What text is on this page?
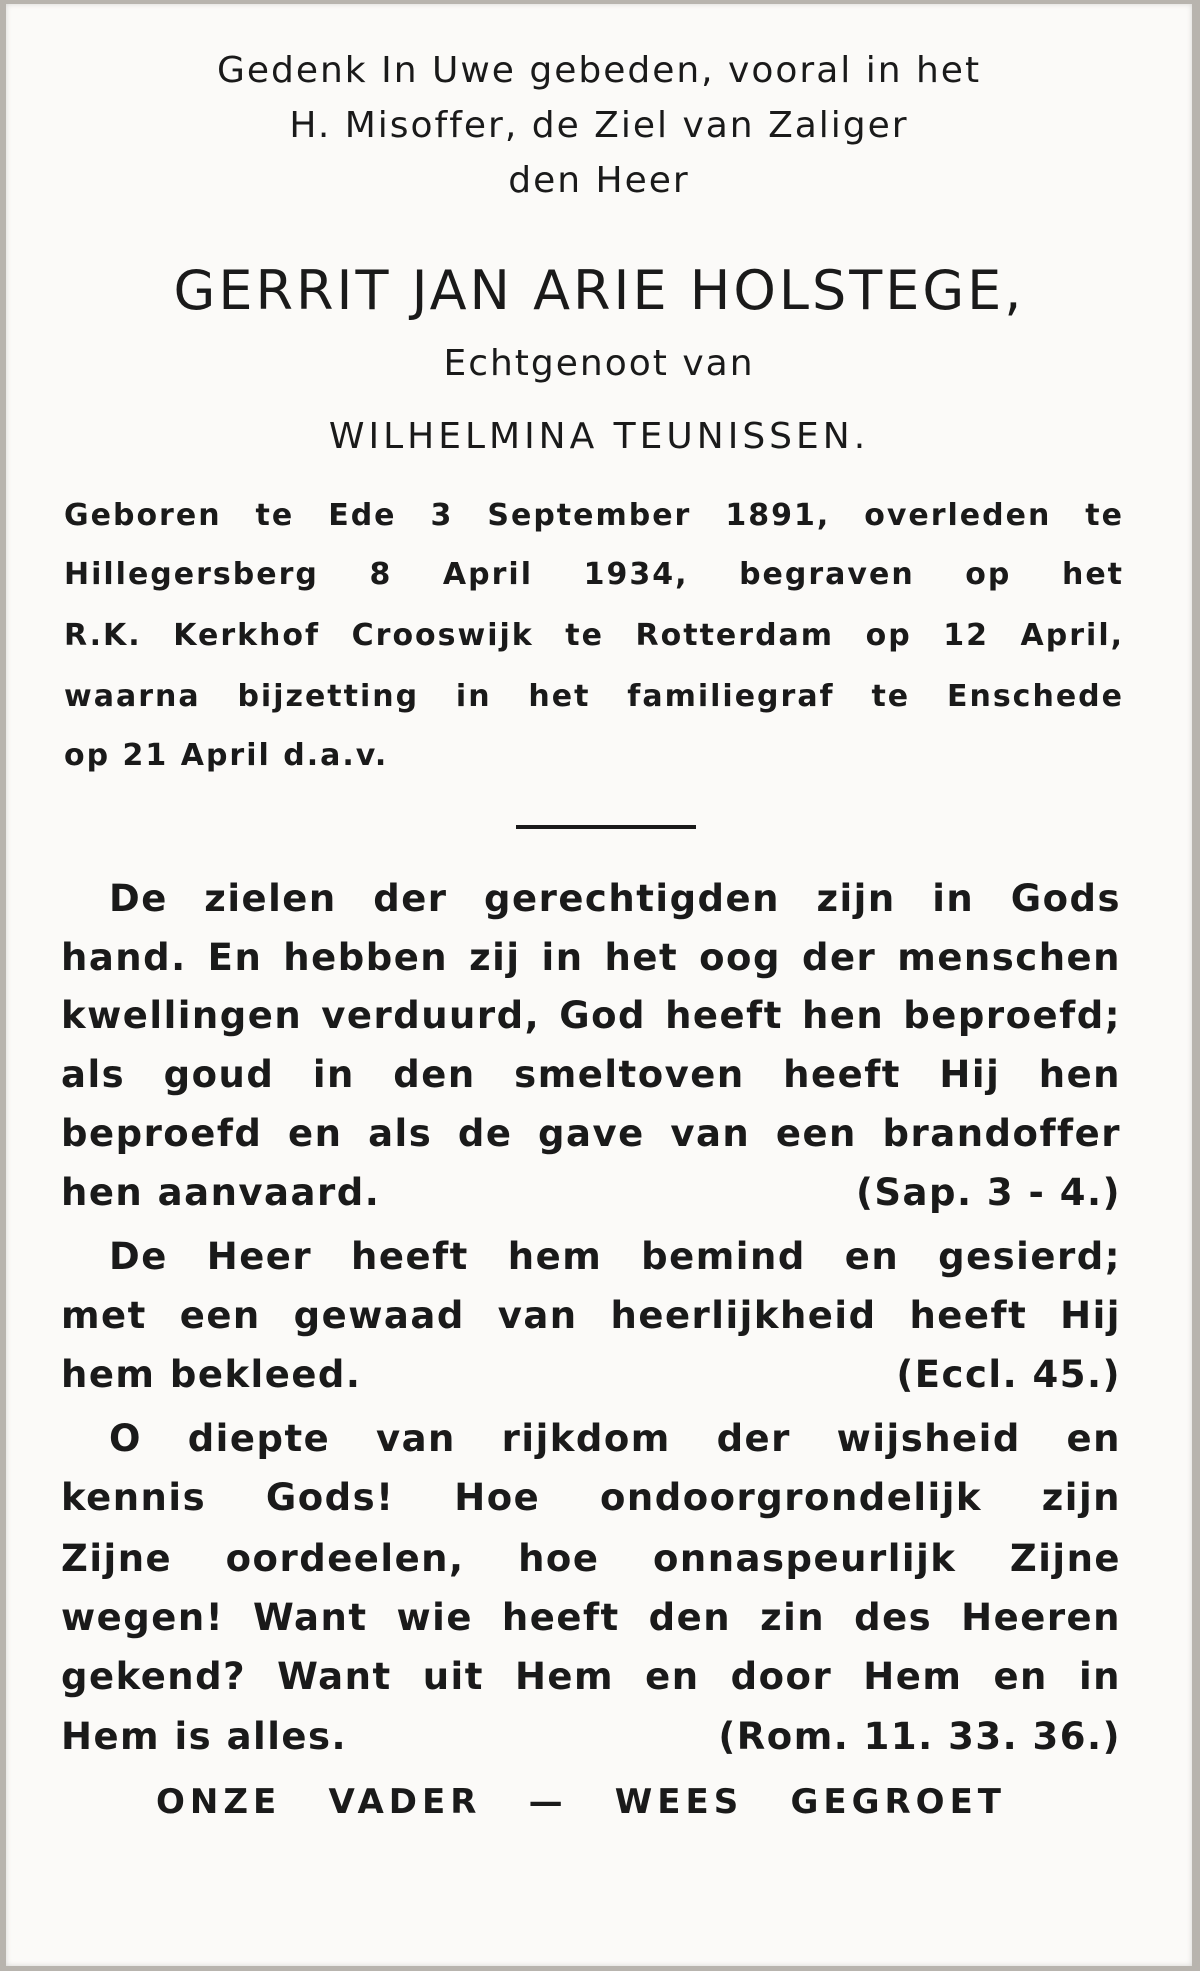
Gedenk In Uwe gebeden, vooral in het
H. Misoffer, de Ziel van Zaliger
den Heer
GERRIT JAN ARIE HOLSTEGE,
Echtgenoot van
WILHELMINA TEUNISSEN.
Geboren te Ede 3 September 1891, overleden te
Hillegersberg 8 April 1934, begraven op het
R.K. Kerkhof Crooswijk te Rotterdam op 12 April,
waarna bijzetting in het familiegraf te Enschede
op 21 April d.a.v.
De zielen der gerechtigden zijn in Gods
hand. En hebben zij in het oog der menschen
kwellingen verduurd, God heeft hen beproefd;
als goud in den smeltoven heeft Hij hen
beproefd en als de gave van een brandoffer
hen aanvaard.	(Sap. 3 - 4.)
De Heer heeft hem bemind en gesierd;
met een gewaad van heerlijkheid heeft Hij
hem bekleed.	(Eccl. 45.)
O diepte van rijkdom der wijsheid en
kennis Gods! Hoe ondoorgrondelijk zijn
Zijne oordeelen, hoe onnaspeurlijk Zijne
wegen! Want wie heeft den zin des Heeren
gekend? Want uit Hem en door Hem en in
Hem is alles.	(Rom. 11. 33. 36.)
ONZE VADER — WEES GEGROET
